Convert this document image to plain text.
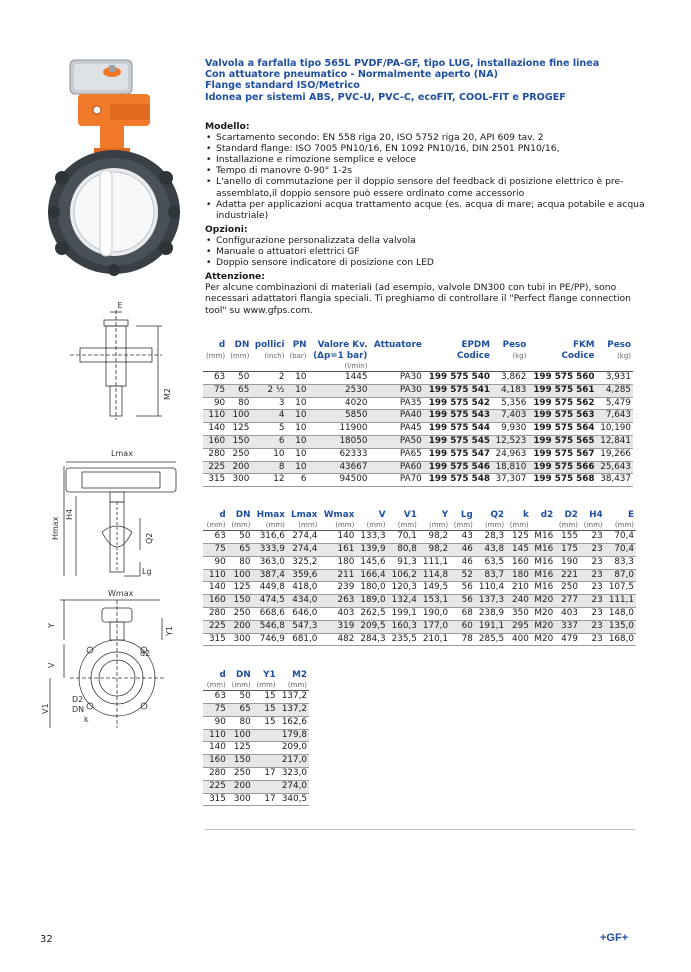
E
M2
Lmax
Hmax
H4
Q2
Lg
Wmax
Y
Y1
V
d2
V1
D2
DN
k
Valvola a farfalla tipo 565L PVDF/PA-GF, tipo LUG, installazione fine linea
Con attuatore pneumatico - Normalmente aperto (NA)
Flange standard ISO/Metrico
Idonea per sistemi ABS, PVC-U, PVC-C, ecoFIT, COOL-FIT e PROGEF
Modello:
• Scartamento secondo: EN 558 riga 20, ISO 5752 riga 20, API 609 tav. 2
• Standard flange: ISO 7005 PN10/16, EN 1092 PN10/16, DIN 2501 PN10/16,
• Installazione e rimozione semplice e veloce
• Tempo di manovre 0-90° 1-2s
• L'anello di commutazione per il doppio sensore del feedback di posizione elettrico è pre-assemblato,il doppio sensore può essere ordinato come accessorio
• Adatta per applicazioni acqua trattamento acque (es. acqua di mare; acqua potabile e acqua industriale)
Opzioni:
• Configurazione personalizzata della valvola
• Manuale o attuatori elettrici GF
• Doppio sensore indicatore di posizione con LED
Attenzione:
Per alcune combinazioni di materiali (ad esempio, valvole DN300 con tubi in PE/PP), sono necessari adattatori flangia speciali. Ti preghiamo di controllare il "Perfect flange connection tool" su www.gfps.com.
d	DN	pollici	PN	Valore Kv.	Attuatore	EPDM	Peso	FKM	Peso
(mm)	(mm)	(inch)	(bar)	(Δp=1 bar)		Codice	(kg)	Codice	(kg)
				(l/min)					
63	50	2	10	1445	PA30	199 575 540	3,862	199 575 560	3,931
75	65	2 ½	10	2530	PA30	199 575 541	4,183	199 575 561	4,285
90	80	3	10	4020	PA35	199 575 542	5,356	199 575 562	5,479
110	100	4	10	5850	PA40	199 575 543	7,403	199 575 563	7,643
140	125	5	10	11900	PA45	199 575 544	9,930	199 575 564	10,190
160	150	6	10	18050	PA50	199 575 545	12,523	199 575 565	12,841
280	250	10	10	62333	PA65	199 575 547	24,963	199 575 567	19,266
225	200	8	10	43667	PA60	199 575 546	18,810	199 575 566	25,643
315	300	12	6	94500	PA70	199 575 548	37,307	199 575 568	38,437
d	DN	Hmax	Lmax	Wmax	V	V1	Y	Lg	Q2	k	d2	D2	H4	E
(mm)	(mm)	(mm)	(mm)	(mm)	(mm)	(mm)	(mm)	(mm)	(mm)	(mm)		(mm)	(mm)	(mm)
63	50	316,6	274,4	140	133,3	70,1	98,2	43	28,3	125	M16	155	23	70,4
75	65	333,9	274,4	161	139,9	80,8	98,2	46	43,8	145	M16	175	23	70,4
90	80	363,0	325,2	180	145,6	91,3	111,1	46	63,5	160	M16	190	23	83,3
110	100	387,4	359,6	211	166,4	106,2	114,8	52	83,7	180	M16	221	23	87,0
140	125	449,8	418,0	239	180,0	120,3	149,5	56	110,4	210	M16	250	23	107,5
160	150	474,5	434,0	263	189,0	132,4	153,1	56	137,3	240	M20	277	23	111,1
280	250	668,6	646,0	403	262,5	199,1	190,0	68	238,9	350	M20	403	23	148,0
225	200	546,8	547,3	319	209,5	160,3	177,0	60	191,1	295	M20	337	23	135,0
315	300	746,9	681,0	482	284,3	235,5	210,1	78	285,5	400	M20	479	23	168,0
d	DN	Y1	M2
(mm)	(mm)	(mm)	(mm)
63	50	15	137,2
75	65	15	137,2
90	80	15	162,6
110	100		179,8
140	125		209,0
160	150		217,0
280	250	17	323,0
225	200		274,0
315	300	17	340,5
32	+GF+
